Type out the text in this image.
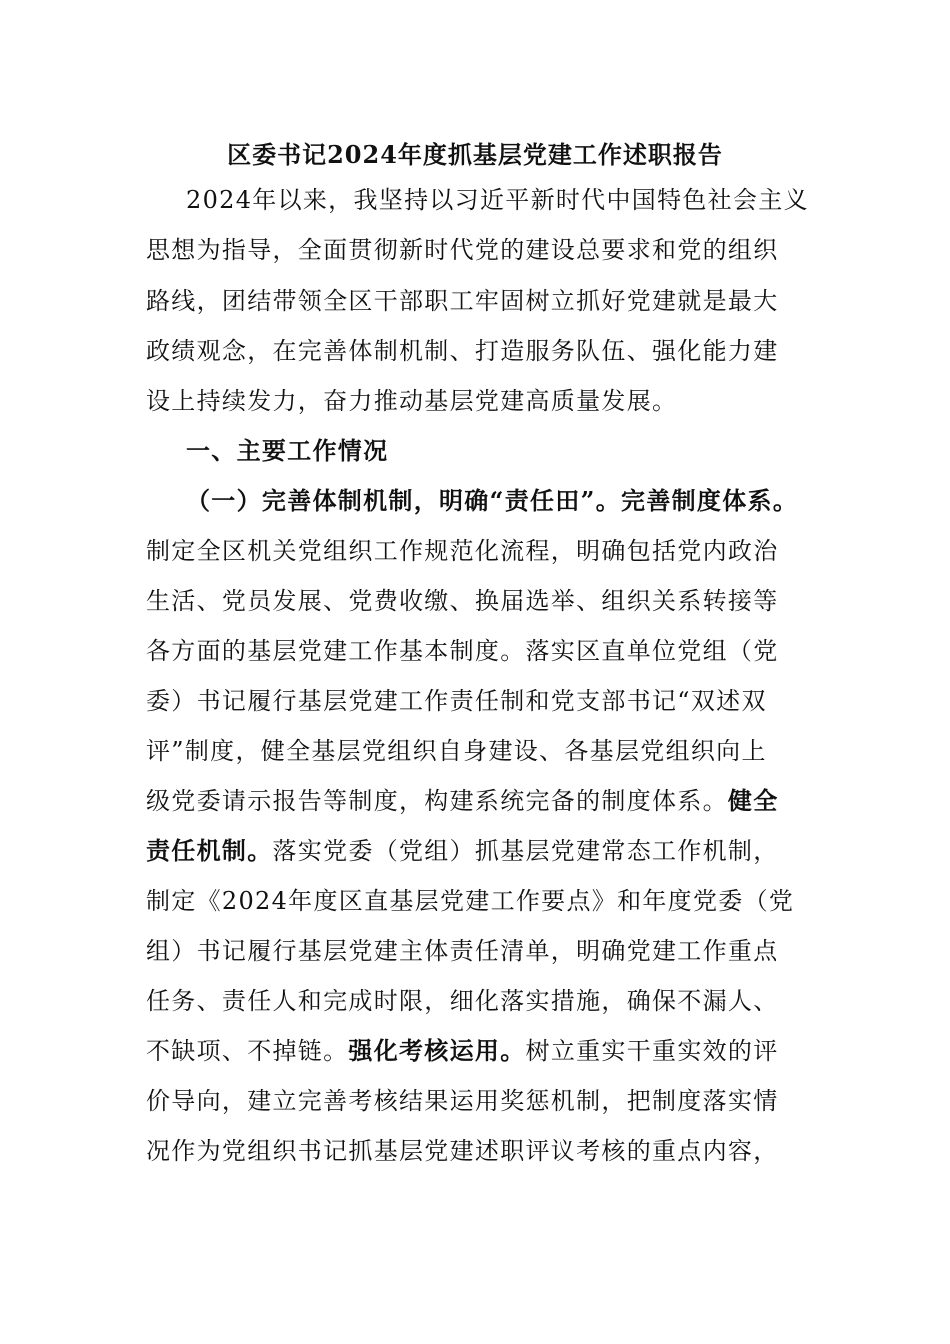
区委书记2024年度抓基层党建工作述职报告
2024年以来，我坚持以习近平新时代中国特色社会主义
思想为指导，全面贯彻新时代党的建设总要求和党的组织
路线，团结带领全区干部职工牢固树立抓好党建就是最大
政绩观念，在完善体制机制、打造服务队伍、强化能力建
设上持续发力，奋力推动基层党建高质量发展。
一、主要工作情况
（一）完善体制机制，明确“责任田”。完善制度体系。
制定全区机关党组织工作规范化流程，明确包括党内政治
生活、党员发展、党费收缴、换届选举、组织关系转接等
各方面的基层党建工作基本制度。落实区直单位党组（党
委）书记履行基层党建工作责任制和党支部书记“双述双
评”制度，健全基层党组织自身建设、各基层党组织向上
级党委请示报告等制度，构建系统完备的制度体系。健全
责任机制。落实党委（党组）抓基层党建常态工作机制，
制定《2024年度区直基层党建工作要点》和年度党委（党
组）书记履行基层党建主体责任清单，明确党建工作重点
任务、责任人和完成时限，细化落实措施，确保不漏人、
不缺项、不掉链。强化考核运用。树立重实干重实效的评
价导向，建立完善考核结果运用奖惩机制，把制度落实情
况作为党组织书记抓基层党建述职评议考核的重点内容，
